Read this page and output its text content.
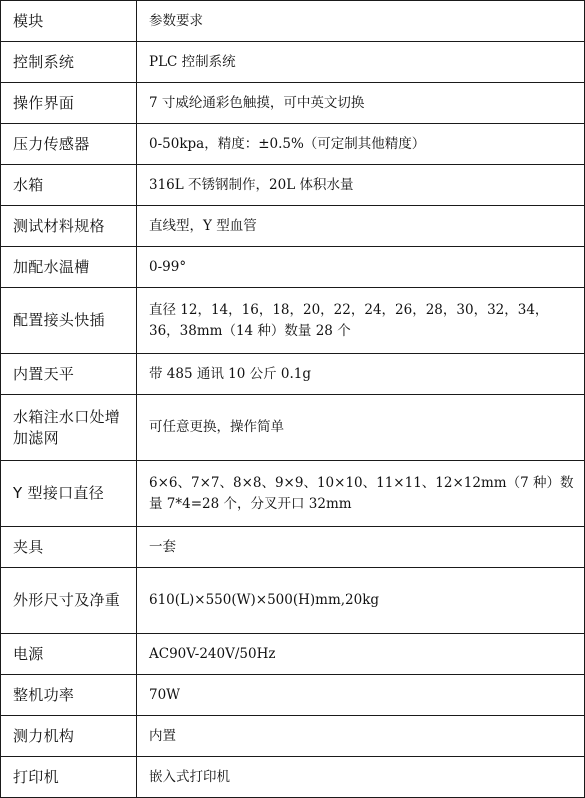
模块	参数要求
控制系统	PLC 控制系统
操作界面	7 寸威纶通彩色触摸，可中英文切换
压力传感器	0-50kpa，精度：±0.5%（可定制其他精度）
水箱	316L 不锈钢制作，20L 体积水量
测试材料规格	直线型，Y 型血管
加配水温槽	0-99°
配置接头快插	直径 12，14，16，18，20，22，24，26，28，30，32，34，36，38mm（14 种）数量 28 个
内置天平	带 485 通讯 10 公斤 0.1g
水箱注水口处增加滤网	可任意更换，操作简单
Y 型接口直径	6×6、7×7、8×8、9×9、10×10、11×11、12×12mm（7 种）数量 7*4=28 个，分叉开口 32mm
夹具	一套
外形尺寸及净重	610(L)×550(W)×500(H)mm,20kg
电源	AC90V-240V/50Hz
整机功率	70W
测力机构	内置
打印机	嵌入式打印机
